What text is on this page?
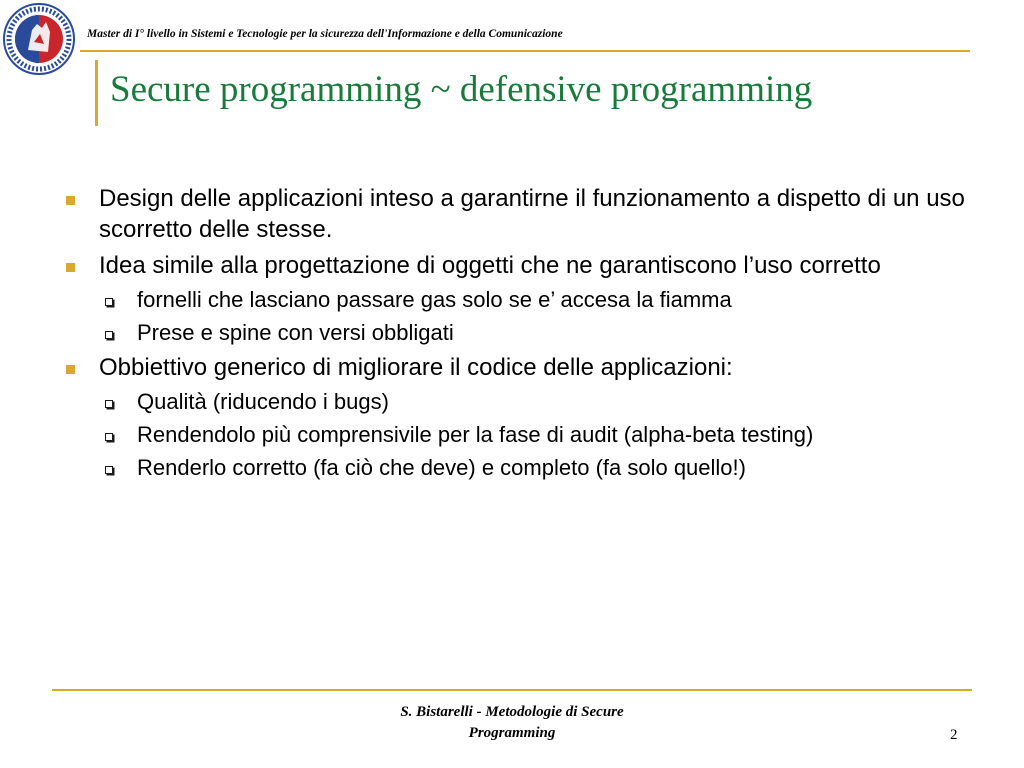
Master di I° livello in Sistemi e Tecnologie per la sicurezza dell'Informazione e della Comunicazione
Secure programming ~ defensive programming
Design delle applicazioni inteso a garantirne il funzionamento a dispetto di un uso scorretto delle stesse.
Idea simile alla progettazione di oggetti che ne garantiscono l’uso corretto
fornelli che lasciano passare gas solo se e’ accesa la fiamma
Prese e spine con versi obbligati
Obbiettivo generico di migliorare il codice delle applicazioni:
Qualità (riducendo i bugs)
Rendendolo più comprensivile per la fase di audit (alpha-beta testing)
Renderlo corretto (fa ciò che deve) e completo (fa solo quello!)
S. Bistarelli - Metodologie di Secure
Programming	2
